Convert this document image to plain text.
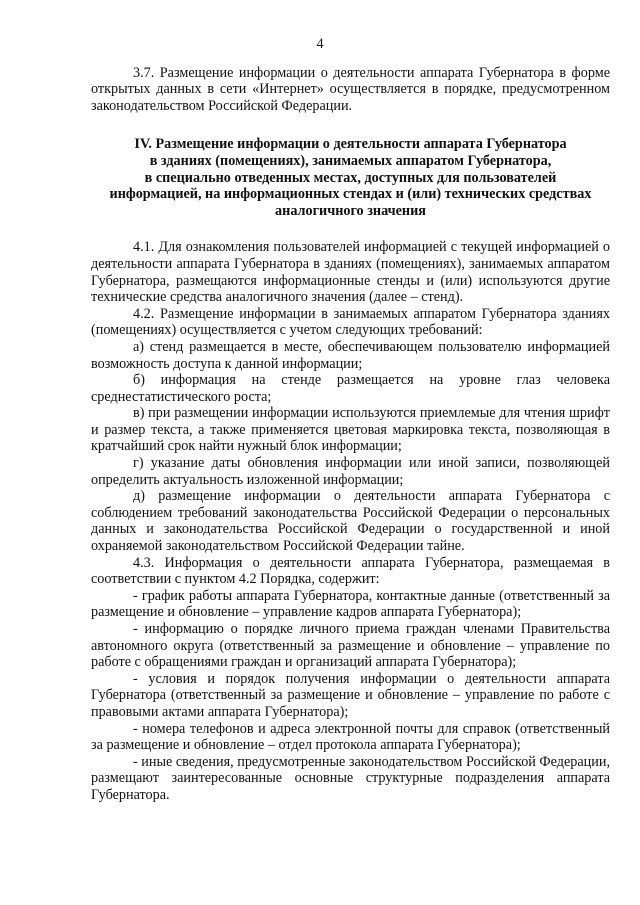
4

3.7. Размещение информации о деятельности аппарата Губернатора в форме открытых данных в сети «Интернет» осуществляется в порядке, предусмотренном законодательством Российской Федерации.

IV. Размещение информации о деятельности аппарата Губернатора
в зданиях (помещениях), занимаемых аппаратом Губернатора,
в специально отведенных местах, доступных для пользователей
информацией, на информационных стендах и (или) технических средствах
аналогичного значения

4.1. Для ознакомления пользователей информацией с текущей информацией о деятельности аппарата Губернатора в зданиях (помещениях), занимаемых аппаратом Губернатора, размещаются информационные стенды и (или) используются другие технические средства аналогичного значения (далее – стенд).

4.2. Размещение информации в занимаемых аппаратом Губернатора зданиях (помещениях) осуществляется с учетом следующих требований:

а) стенд размещается в месте, обеспечивающем пользователю информацией возможность доступа к данной информации;

б) информация на стенде размещается на уровне глаз человека среднестатистического роста;

в) при размещении информации используются приемлемые для чтения шрифт и размер текста, а также применяется цветовая маркировка текста, позволяющая в кратчайший срок найти нужный блок информации;

г) указание даты обновления информации или иной записи, позволяющей определить актуальность изложенной информации;

д) размещение информации о деятельности аппарата Губернатора с соблюдением требований законодательства Российской Федерации о персональных данных и законодательства Российской Федерации о государственной и иной охраняемой законодательством Российской Федерации тайне.

4.3. Информация о деятельности аппарата Губернатора, размещаемая в соответствии с пунктом 4.2 Порядка, содержит:

- график работы аппарата Губернатора, контактные данные (ответственный за размещение и обновление – управление кадров аппарата Губернатора);

- информацию о порядке личного приема граждан членами Правительства автономного округа (ответственный за размещение и обновление – управление по работе с обращениями граждан и организаций аппарата Губернатора);

- условия и порядок получения информации о деятельности аппарата Губернатора (ответственный за размещение и обновление – управление по работе с правовыми актами аппарата Губернатора);

- номера телефонов и адреса электронной почты для справок (ответственный за размещение и обновление – отдел протокола аппарата Губернатора);

- иные сведения, предусмотренные законодательством Российской Федерации, размещают заинтересованные основные структурные подразделения аппарата Губернатора.
